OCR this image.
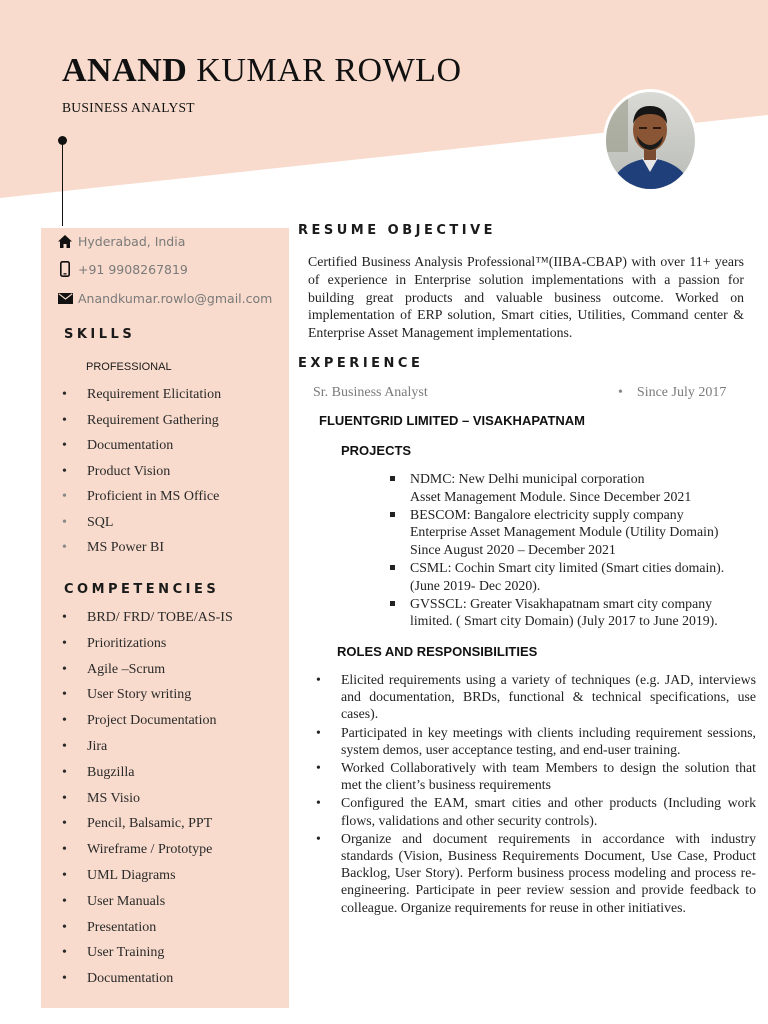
ANAND KUMAR ROWLO
BUSINESS ANALYST
Hyderabad, India
+91 9908267819
Anandkumar.rowlo@gmail.com
SKILLS
PROFESSIONAL
• Requirement Elicitation
• Requirement Gathering
• Documentation
• Product Vision
• Proficient in MS Office
• SQL
• MS Power BI
COMPETENCIES
• BRD/ FRD/ TOBE/AS-IS
• Prioritizations
• Agile –Scrum
• User Story writing
• Project Documentation
• Jira
• Bugzilla
• MS Visio
• Pencil, Balsamic, PPT
• Wireframe / Prototype
• UML Diagrams
• User Manuals
• Presentation
• User Training
• Documentation
RESUME OBJECTIVE
Certified Business Analysis Professional™(IIBA-CBAP) with over 11+ years of experience in Enterprise solution implementations with a passion for building great products and valuable business outcome. Worked on implementation of ERP solution, Smart cities, Utilities, Command center & Enterprise Asset Management implementations.
EXPERIENCE
Sr. Business Analyst
•	Since July 2017
FLUENTGRID LIMITED – VISAKHAPATNAM
PROJECTS
NDMC: New Delhi municipal corporation
Asset Management Module. Since December 2021
BESCOM: Bangalore electricity supply company
Enterprise Asset Management Module (Utility Domain)
Since August 2020 – December 2021
CSML: Cochin Smart city limited (Smart cities domain).
(June 2019- Dec 2020).
GVSSCL: Greater Visakhapatnam smart city company
limited. ( Smart city Domain) (July 2017 to June 2019).
ROLES AND RESPONSIBILITIES
• Elicited requirements using a variety of techniques (e.g. JAD, interviews and documentation, BRDs, functional & technical specifications, use cases).
• Participated in key meetings with clients including requirement sessions, system demos, user acceptance testing, and end-user training.
• Worked Collaboratively with team Members to design the solution that met the client’s business requirements
• Configured the EAM, smart cities and other products (Including work flows, validations and other security controls).
• Organize and document requirements in accordance with industry standards (Vision, Business Requirements Document, Use Case, Product Backlog, User Story). Perform business process modeling and process re-engineering. Participate in peer review session and provide feedback to colleague. Organize requirements for reuse in other initiatives.
